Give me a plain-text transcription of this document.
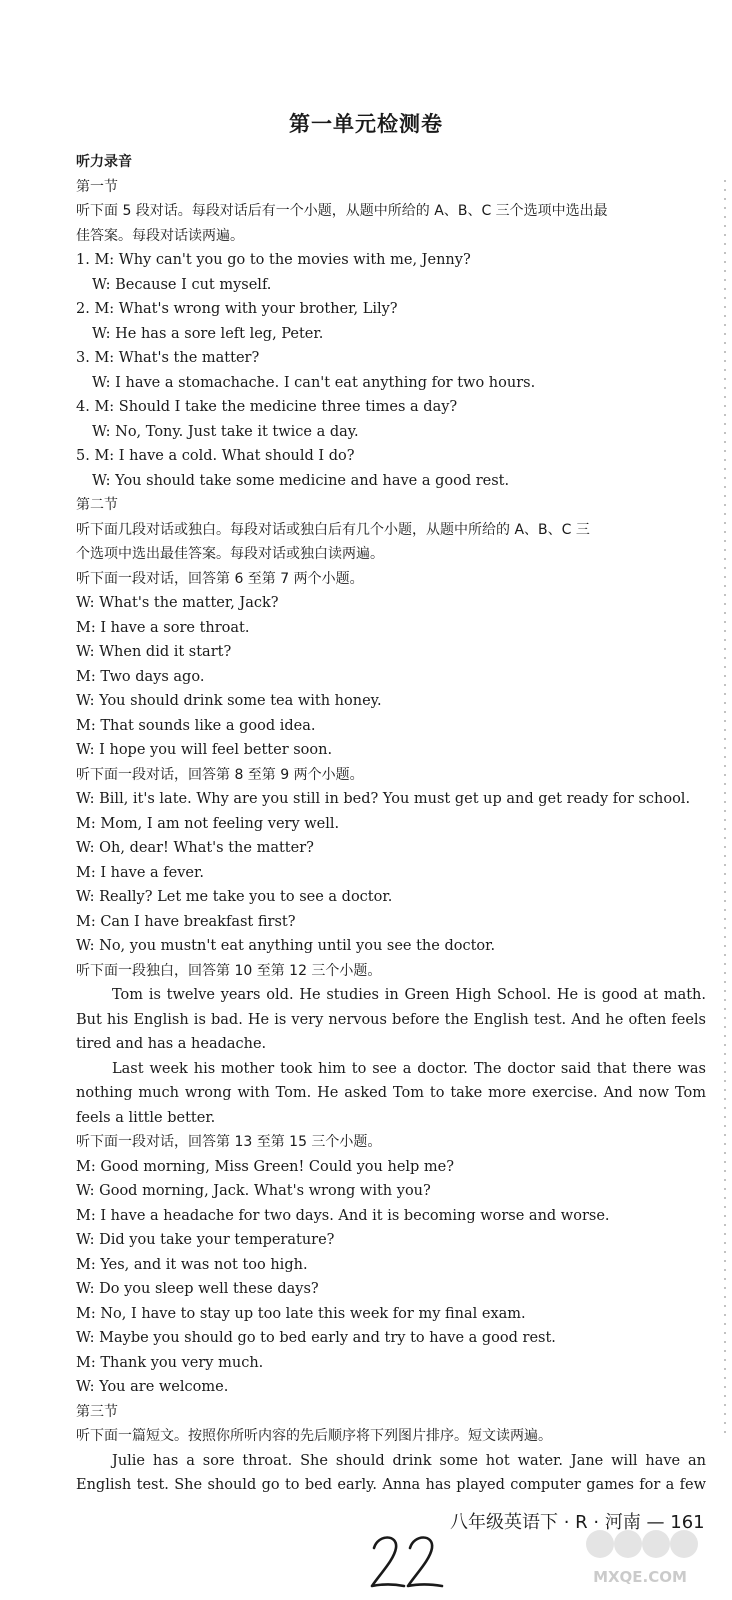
第一单元检测卷
听力录音
第一节
听下面 5 段对话。每段对话后有一个小题，从题中所给的 A、B、C 三个选项中选出最
佳答案。每段对话读两遍。
1. M: Why can't you go to the movies with me, Jenny?
W: Because I cut myself.
2. M: What's wrong with your brother, Lily?
W: He has a sore left leg, Peter.
3. M: What's the matter?
W: I have a stomachache. I can't eat anything for two hours.
4. M: Should I take the medicine three times a day?
W: No, Tony. Just take it twice a day.
5. M: I have a cold. What should I do?
W: You should take some medicine and have a good rest.
第二节
听下面几段对话或独白。每段对话或独白后有几个小题，从题中所给的 A、B、C 三
个选项中选出最佳答案。每段对话或独白读两遍。
听下面一段对话，回答第 6 至第 7 两个小题。
W: What's the matter, Jack?
M: I have a sore throat.
W: When did it start?
M: Two days ago.
W: You should drink some tea with honey.
M: That sounds like a good idea.
W: I hope you will feel better soon.
听下面一段对话，回答第 8 至第 9 两个小题。
W: Bill, it's late. Why are you still in bed? You must get up and get ready for school.
M: Mom, I am not feeling very well.
W: Oh, dear! What's the matter?
M: I have a fever.
W: Really? Let me take you to see a doctor.
M: Can I have breakfast first?
W: No, you mustn't eat anything until you see the doctor.
听下面一段独白，回答第 10 至第 12 三个小题。
Tom is twelve years old. He studies in Green High School. He is good at math.
But his English is bad. He is very nervous before the English test. And he often feels
tired and has a headache.
Last week his mother took him to see a doctor. The doctor said that there was
nothing much wrong with Tom. He asked Tom to take more exercise. And now Tom
feels a little better.
听下面一段对话，回答第 13 至第 15 三个小题。
M: Good morning, Miss Green! Could you help me?
W: Good morning, Jack. What's wrong with you?
M: I have a headache for two days. And it is becoming worse and worse.
W: Did you take your temperature?
M: Yes, and it was not too high.
W: Do you sleep well these days?
M: No, I have to stay up too late this week for my final exam.
W: Maybe you should go to bed early and try to have a good rest.
M: Thank you very much.
W: You are welcome.
第三节
听下面一篇短文。按照你所听内容的先后顺序将下列图片排序。短文读两遍。
Julie has a sore throat. She should drink some hot water. Jane will have an
English test. She should go to bed early. Anna has played computer games for a few
八年级英语下 · R · 河南 — 161
MXQE.COM
